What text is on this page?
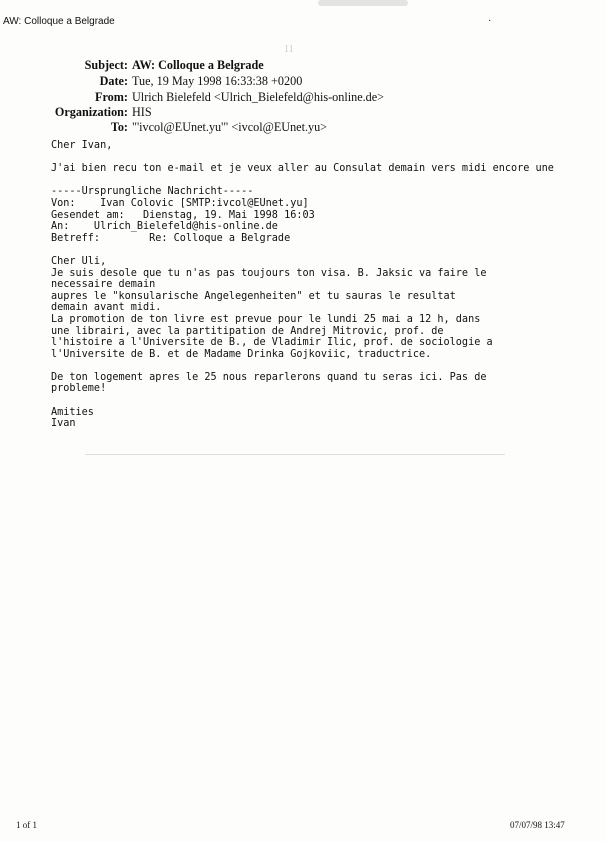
11

AW: Colloque a Belgrade	·
Subject: AW: Colloque a Belgrade
Date: Tue, 19 May 1998 16:33:38 +0200
From: Ulrich Bielefeld <Ulrich_Bielefeld@his-online.de>
Organization: HIS
To: "'ivcol@EUnet.yu'" <ivcol@EUnet.yu>
Cher Ivan,

J'ai bien recu ton e-mail et je veux aller au Consulat demain vers midi encore une

-----Ursprungliche Nachricht-----
Von:    Ivan Colovic [SMTP:ivcol@EUnet.yu]
Gesendet am:   Dienstag, 19. Mai 1998 16:03
An:    Ulrich_Bielefeld@his-online.de
Betreff:        Re: Colloque a Belgrade

Cher Uli,
Je suis desole que tu n'as pas toujours ton visa. B. Jaksic va faire le
necessaire demain
aupres le "konsularische Angelegenheiten" et tu sauras le resultat
demain avant midi.
La promotion de ton livre est prevue pour le lundi 25 mai a 12 h, dans
une librairi, avec la partitipation de Andrej Mitrovic, prof. de
l'histoire a l'Universite de B., de Vladimir Ilic, prof. de sociologie a
l'Universite de B. et de Madame Drinka Gojkoviic, traductrice.

De ton logement apres le 25 nous reparlerons quand tu seras ici. Pas de
probleme!

Amities
Ivan
1 of 1	07/07/98 13:47
